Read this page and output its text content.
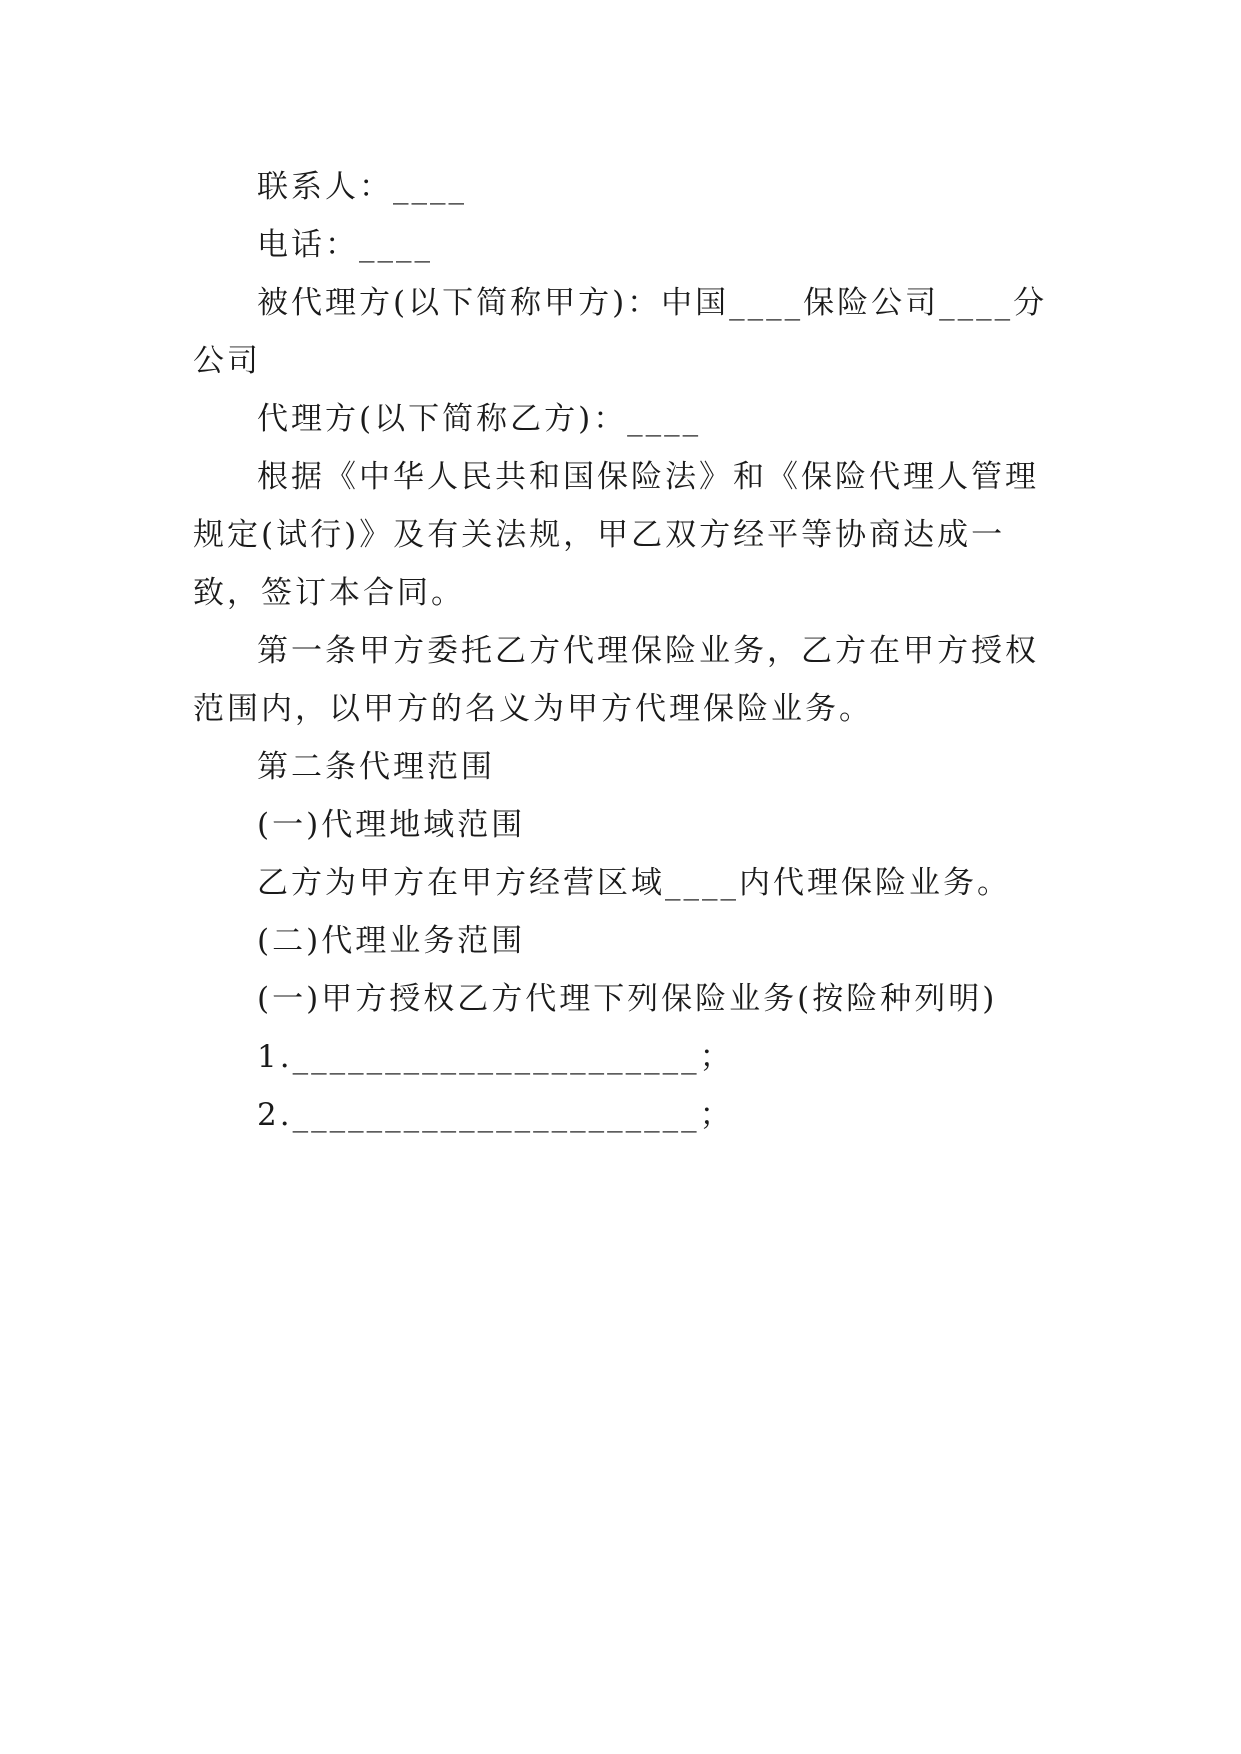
联系人：____

电话：____

被代理方(以下简称甲方)：中国____保险公司____分公司

代理方(以下简称乙方)：____

根据《中华人民共和国保险法》和《保险代理人管理规定(试行)》及有关法规，甲乙双方经平等协商达成一致，签订本合同。

第一条甲方委托乙方代理保险业务，乙方在甲方授权范围内，以甲方的名义为甲方代理保险业务。

第二条代理范围

(一)代理地域范围

乙方为甲方在甲方经营区域____内代理保险业务。

(二)代理业务范围

(一)甲方授权乙方代理下列保险业务(按险种列明)

1.______________________；

2.______________________；
